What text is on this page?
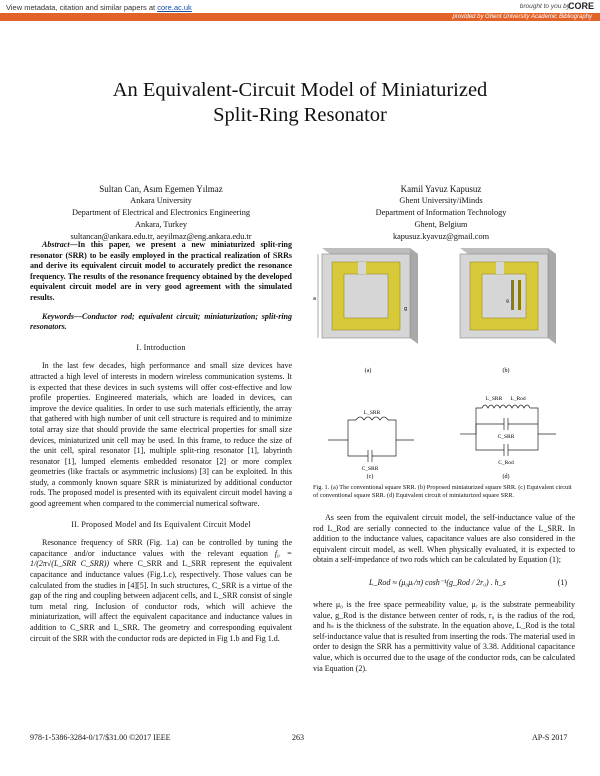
View metadata, citation and similar papers at core.ac.uk	brought to you by
CORE
provided by Ghent University Academic Bibliography
An Equivalent-Circuit Model of Miniaturized
Split-Ring Resonator
Sultan Can, Asım Egemen Yılmaz
Ankara University
Department of Electrical and Electronics Engineering
Ankara, Turkey
sultancan@ankara.edu.tr, aeyilmaz@eng.ankara.edu.tr
Kamil Yavuz Kapusuz
Ghent University/iMinds
Department of Information Technology
Ghent, Belgium
kapusuz.kyavuz@gmail.com

Abstract—In this paper, we present a new miniaturized split-ring resonator (SRR) to be easily employed in the practical realization of SRRs and derive its equivalent circuit model to accurately predict the resonance frequency. The results of the resonance frequency obtained by the developed equivalent circuit model are in very good agreement with the simulated results.

Keywords—Conductor rod; equivalent circuit; miniaturization; split-ring resonators.

I. Introduction

In the last few decades, high performance and small size devices have attracted a high level of interests in modern wireless communication systems. It is expected that these devices in such systems will offer cost-effective and low profile properties. Engineered materials, which are loaded in devices, can improve the device qualities. In order to use such materials efficiently, the array that gathered with high number of unit cell structure is required and to minimize total array size that should provide the same electrical properties for small size devices, miniaturized unit cell may be used. In this frame, to reduce the size of the unit cell, spiral resonator [1], multiple split-ring resonator [1], labyrinth resonator [1], lumped elements embedded resonator [2] or more complex geometries (like fractals or asymmetric inclusions) [3] can be exploited. In this study, a commonly known square SRR is miniaturized by additional conductor rods. The proposed model is presented with its equivalent circuit model having a good agreement when compared to the commercial numerical software.

II. Proposed Model and Its Equivalent Circuit Model

Resonance frequency of SRR (Fig. 1.a) can be controlled by tuning the capacitance and/or inductance values with the relevant equation f₀ = 1/(2π√(L_SRR C_SRR)) where C_SRR and L_SRR represent the equivalent capacitance and inductance values (Fig.1.c), respectively. Those values can be calculated from the studies in [4][5]. In such structures, C_SRR is a virtue of the gap of the ring and coupling between adjacent cells, and L_SRR consist of single turn metal ring. Inclusion of conductor rods, which will achieve the miniaturization, will affect the equivalent capacitance and inductance values in addition to C_SRR and L_SRR. The geometry and corresponding equivalent circuit of the SRR with the conductor rods are depicted in Fig 1.b and Fig 1.d.

a
g
g
(a)	(b)
L_SRR
C_SRR
L_SRR L_Rod
C_SRR
C_Rod
(c)	(d)
Fig. 1. (a) The conventional square SRR. (b) Proposed miniaturized square SRR. (c) Equivalent circuit of conventional square SRR. (d) Equivalent circuit of miniaturized square SRR.

As seen from the equivalent circuit model, the self-inductance value of the rod L_Rod are serially connected to the inductance value of the L_SRR. In addition to the inductance values, capacitance values are also considered in the equivalent circuit model, as well. When physically evaluated, it is expected to obtain a self-impedance of two rods which can be calculated by Equation (1);

L_Rod ≈ (μ₀μᵣ/π) cosh⁻¹(g_Rod / 2r₀) . h_s	(1)

where μ₀ is the free space permeability value, μᵣ is the substrate permeability value, g_Rod is the distance between center of rods, r₀ is the radius of the rod, and hₛ is the thickness of the substrate. In the equation above, L_Rod is the total self-inductance value that is resulted from inserting the rods. The material used in order to design the SRR has a permittivity value of 3.38. Additional capacitance value, which is occurred due to the usage of the conductor rods, can be calculated via Equation (2).

978-1-5386-3284-0/17/$31.00 ©2017 IEEE	263	AP-S 2017
